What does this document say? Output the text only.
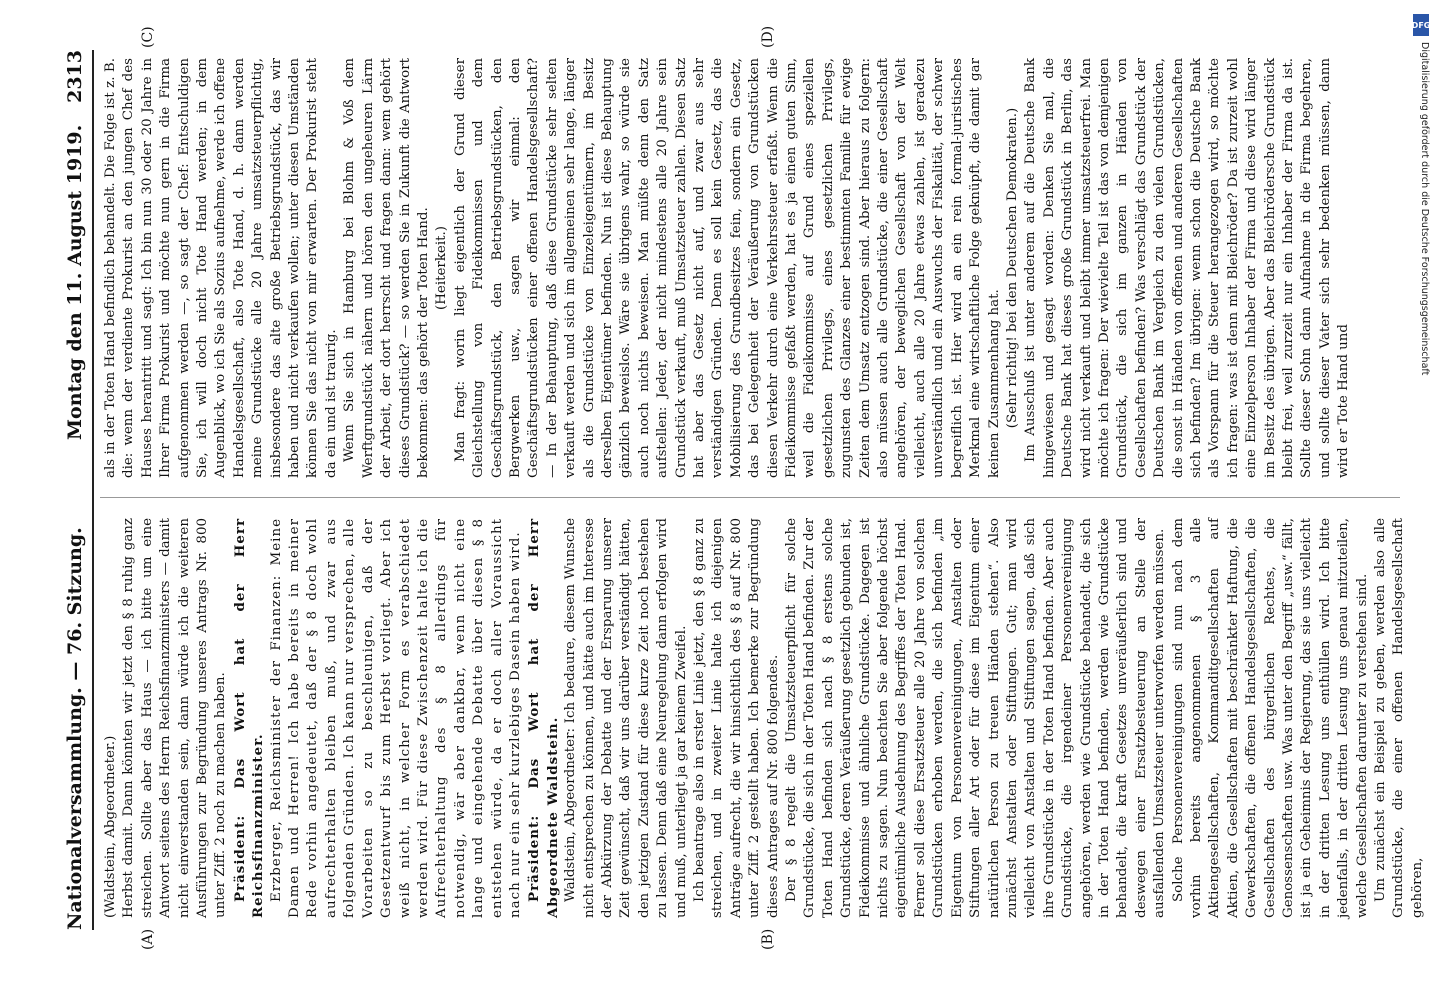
Nationalversammlung. — 76. Sitzung.
Montag den 11. August 1919.
2313
(A)	(B)
(C)	(D)

(Waldstein, Abgeordneter.) Herbst damit. Dann könnten wir jetzt den § 8 ruhig ganz streichen. Sollte aber das Haus — ich bitte um eine Antwort seitens des Herrn Reichsfinanzministers — damit nicht einverstanden sein, dann würde ich die weiteren Ausführungen zur Begründung unseres Antrags Nr. 800 unter Ziff. 2 noch zu machen haben. Präsident: Das Wort hat der Herr Reichsfinanzminister. Erzberger, Reichsminister der Finanzen: Meine Damen und Herren! Ich habe bereits in meiner Rede vorhin angedeutet, daß der § 8 doch wohl aufrechterhalten bleiben muß, und zwar aus folgenden Gründen. Ich kann nur versprechen, alle Vorarbeiten so zu beschleunigen, daß der Gesetzentwurf bis zum Herbst vorliegt. Aber ich weiß nicht, in welcher Form es verabschiedet werden wird. Für diese Zwischenzeit halte ich die Aufrechterhaltung des § 8 allerdings für notwendig, wär aber dankbar, wenn nicht eine lange und eingehende Debatte über diesen § 8 entstehen würde, da er doch aller Voraussicht nach nur ein sehr kurzlebiges Dasein haben wird. Präsident: Das Wort hat der Herr Abgeordnete Waldstein. Waldstein, Abgeordneter: Ich bedaure, diesem Wunsche nicht entsprechen zu können, und hätte auch im Interesse der Abkürzung der Debatte und der Ersparung unserer Zeit gewünscht, daß wir uns darüber verständigt hätten, den jetzigen Zustand für diese kurze Zeit noch bestehen zu lassen. Denn daß eine Neuregelung dann erfolgen wird und muß, unterliegt ja gar keinem Zweifel. Ich beantrage also in erster Linie jetzt, den § 8 ganz zu streichen, und in zweiter Linie halte ich diejenigen Anträge aufrecht, die wir hinsichtlich des § 8 auf Nr. 800 unter Ziff. 2 gestellt haben. Ich bemerke zur Begründung dieses Antrages auf Nr. 800 folgendes. Der § 8 regelt die Umsatzsteuerpflicht für solche Grundstücke, die sich in der Toten Hand befinden. Zur der Toten Hand befinden sich nach § 8 erstens solche Grundstücke, deren Veräußerung gesetzlich gebunden ist, Fideikommisse und ähnliche Grundstücke. Dagegen ist nichts zu sagen. Nun beachten Sie aber folgende höchst eigentümliche Ausdehnung des Begriffes der Toten Hand. Ferner soll diese Ersatzsteuer alle 20 Jahre von solchen Grundstücken erhoben werden, die sich befinden „im Eigentum von Personenvereinigungen, Anstalten oder Stiftungen aller Art oder für diese im Eigentum einer natürlichen Person zu treuen Händen stehen“. Also zunächst Anstalten oder Stiftungen. Gut; man wird vielleicht von Anstalten und Stiftungen sagen, daß sich ihre Grundstücke in der Toten Hand befinden. Aber auch Grundstücke, die irgendeiner Personenvereinigung angehören, werden wie Grundstücke behandelt, die sich in der Toten Hand befinden, werden wie Grundstücke behandelt, die kraft Gesetzes unveräußerlich sind und deswegen einer Ersatzbesteuerung an Stelle der ausfallenden Umsatzsteuer unterworfen werden müssen. Solche Personenvereinigungen sind nun nach dem vorhin bereits angenommenen § 3 alle Aktiengesellschaften, Kommanditgesellschaften auf Aktien, die Gesellschaften mit beschränkter Haftung, die Gewerkschaften, die offenen Handelsgesellschaften, die Gesellschaften des bürgerlichen Rechtes, die Genossenschaften usw. Was unter den Begriff „usw.“ fällt, ist ja ein Geheimnis der Regierung, das sie uns vielleicht in der dritten Lesung uns enthüllen wird. Ich bitte jedenfalls, in der dritten Lesung uns genau mitzuteilen, welche Gesellschaften darunter zu verstehen sind. Um zunächst ein Beispiel zu geben, werden also alle Grundstücke, die einer offenen Handelsgesellschaft gehören,

als in der Toten Hand befindlich behandelt. Die Folge ist z. B. die: wenn der verdiente Prokurist an den jungen Chef des Hauses herantritt und sagt: Ich bin nun 30 oder 20 Jahre in Ihrer Firma Prokurist und möchte nun gern in die Firma aufgenommen werden —, so sagt der Chef: Entschuldigen Sie, ich will doch nicht Tote Hand werden; in dem Augenblick, wo ich Sie als Sozius aufnehme, werde ich offene Handelsgesellschaft, also Tote Hand, d. h. dann werden meine Grundstücke alle 20 Jahre umsatzsteuerpflichtig, insbesondere das alte große Betriebsgrundstück, das wir haben und nicht verkaufen wollen; unter diesen Umständen können Sie das nicht von mir erwarten. Der Prokurist steht da ein und ist traurig. Wenn Sie sich in Hamburg bei Blohm & Voß dem Werftgrundstück nähern und hören den ungeheuren Lärm der Arbeit, der dort herrscht und fragen dann: wem gehört dieses Grundstück? — so werden Sie in Zukunft die Antwort bekommen: das gehört der Toten Hand. (Heiterkeit.) Man fragt: worin liegt eigentlich der Grund dieser Gleichstellung von Fideikommissen und dem Geschäftsgrundstück, den Betriebsgrundstücken, den Bergwerken usw., sagen wir einmal: den Geschäftsgrundstücken einer offenen Handelsgesellschaft? — In der Behauptung, daß diese Grundstücke sehr selten verkauft werden und sich im allgemeinen sehr lange, länger als die Grundstücke von Einzeleigentümern, im Besitz derselben Eigentümer befinden. Nun ist diese Behauptung gänzlich beweislos. Wäre sie übrigens wahr, so würde sie auch noch nichts beweisen. Man müßte denn den Satz aufstellen: Jeder, der nicht mindestens alle 20 Jahre sein Grundstück verkauft, muß Umsatzsteuer zahlen. Diesen Satz hat aber das Gesetz nicht auf, und zwar aus sehr verständigen Gründen. Denn es soll kein Gesetz, das die Mobilisierung des Grundbesitzes fein, sondern ein Gesetz, das bei Gelegenheit der Veräußerung von Grundstücken diesen Verkehr durch eine Verkehrssteuer erfaßt. Wenn die Fideikommisse gefaßt werden, hat es ja einen guten Sinn, weil die Fideikommisse auf Grund eines speziellen gesetzlichen Privilegs, eines gesetzlichen Privilegs, zugunsten des Glanzes einer bestimmten Familie für ewige Zeiten dem Umsatz entzogen sind. Aber hieraus zu folgern: also müssen auch alle Grundstücke, die einer Gesellschaft angehören, der beweglichen Gesellschaft von der Welt vielleicht, auch alle 20 Jahre etwas zahlen, ist geradezu unverständlich und ein Auswuchs der Fiskalität, der schwer begreiflich ist. Hier wird an ein rein formal-juristisches Merkmal eine wirtschaftliche Folge geknüpft, die damit gar keinen Zusammenhang hat. (Sehr richtig! bei den Deutschen Demokraten.) Im Ausschuß ist unter anderem auf die Deutsche Bank hingewiesen und gesagt worden: Denken Sie mal, die Deutsche Bank hat dieses große Grundstück in Berlin, das wird nicht verkauft und bleibt immer umsatzsteuerfrei. Man möchte ich fragen: Der wievielte Teil ist das von demjenigen Grundstück, die sich im ganzen in Händen von Gesellschaften befinden? Was verschlägt das Grundstück der Deutschen Bank im Vergleich zu den vielen Grundstücken, die sonst in Händen von offenen und anderen Gesellschaften sich befinden? Im übrigen: wenn schon die Deutsche Bank als Vorspann für die Steuer herangezogen wird, so möchte ich fragen: was ist denn mit Bleichröder? Da ist zurzeit wohl eine Einzelperson Inhaber der Firma und diese wird länger im Besitz des übrigen. Aber das Bleichrödersche Grundstück bleibt frei, weil zurzeit nur ein Inhaber der Firma da ist. Sollte dieser Sohn dann Aufnahme in die Firma begehren, und sollte dieser Vater sich sehr bedenken müssen, dann wird er Tote Hand und

DFG
Digitalisierung gefördert durch die Deutsche Forschungsgemeinschaft
